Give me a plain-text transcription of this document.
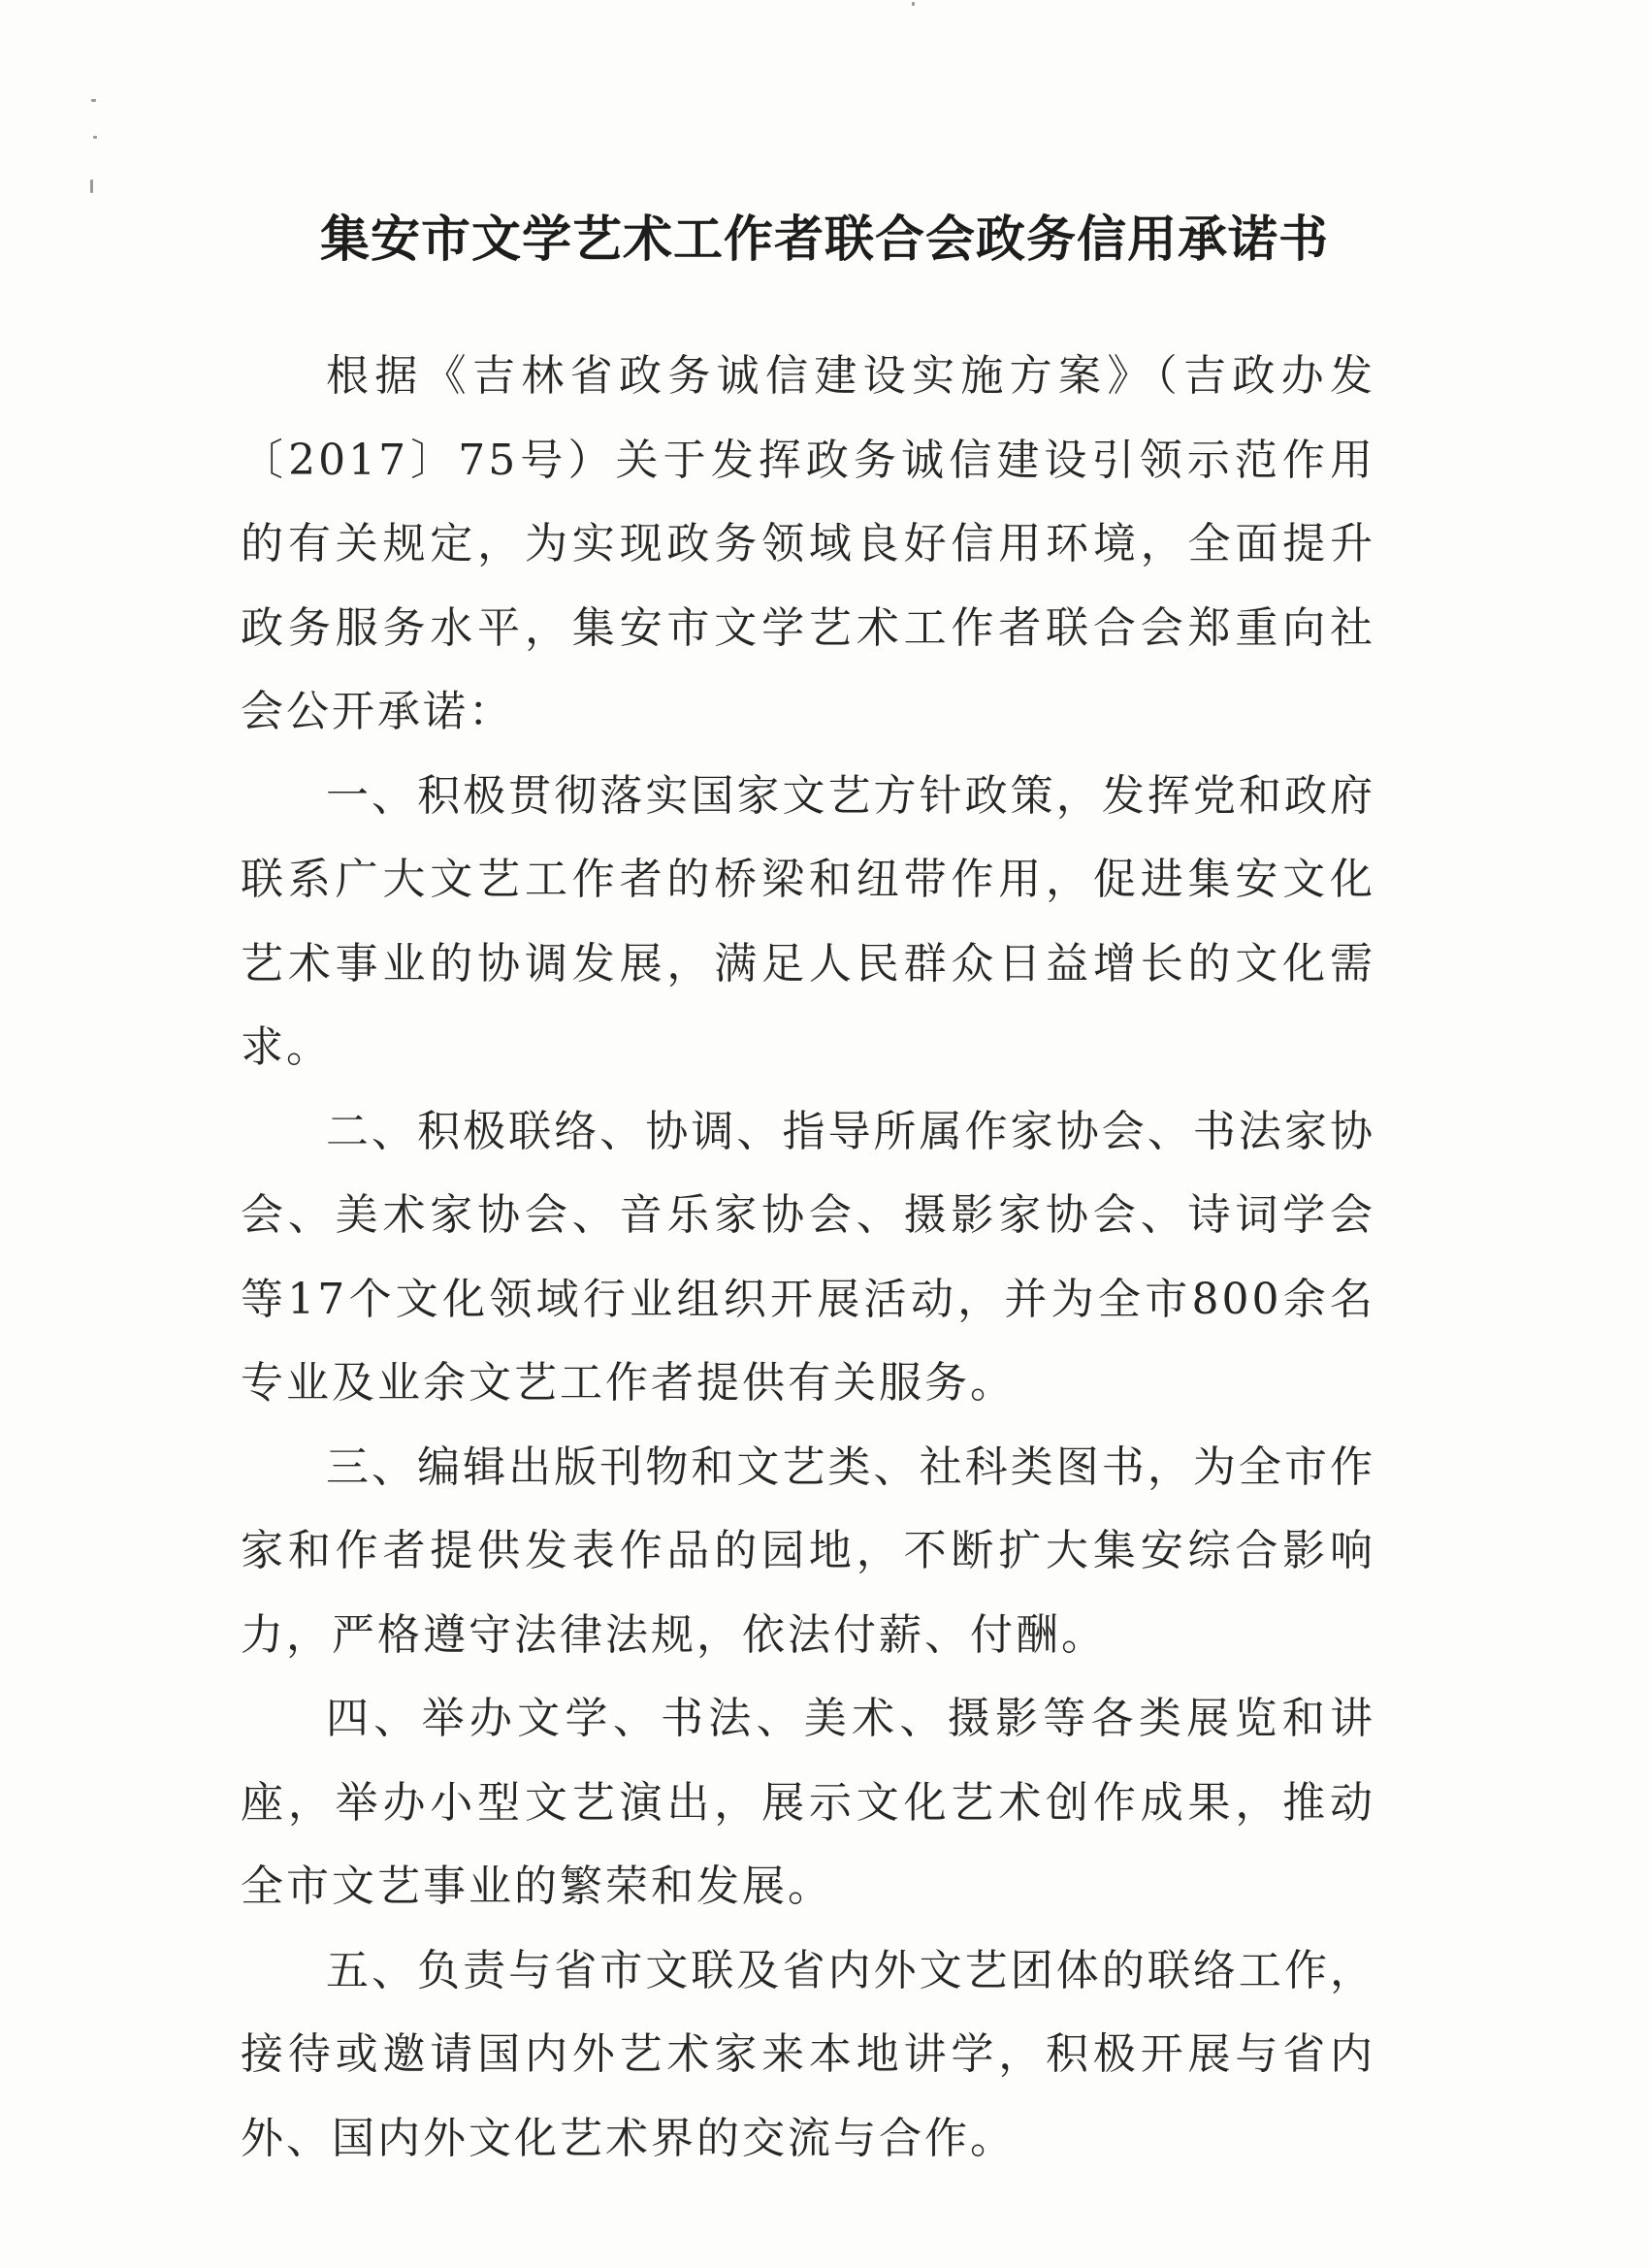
集安市文学艺术工作者联合会政务信用承诺书

根据《吉林省政务诚信建设实施方案》（吉政办发〔2017〕75号）关于发挥政务诚信建设引领示范作用的有关规定，为实现政务领域良好信用环境，全面提升政务服务水平，集安市文学艺术工作者联合会郑重向社会公开承诺：

一、积极贯彻落实国家文艺方针政策，发挥党和政府联系广大文艺工作者的桥梁和纽带作用，促进集安文化艺术事业的协调发展，满足人民群众日益增长的文化需求。

二、积极联络、协调、指导所属作家协会、书法家协会、美术家协会、音乐家协会、摄影家协会、诗词学会等17个文化领域行业组织开展活动，并为全市800余名专业及业余文艺工作者提供有关服务。

三、编辑出版刊物和文艺类、社科类图书，为全市作家和作者提供发表作品的园地，不断扩大集安综合影响力，严格遵守法律法规，依法付薪、付酬。

四、举办文学、书法、美术、摄影等各类展览和讲座，举办小型文艺演出，展示文化艺术创作成果，推动全市文艺事业的繁荣和发展。

五、负责与省市文联及省内外文艺团体的联络工作，接待或邀请国内外艺术家来本地讲学，积极开展与省内外、国内外文化艺术界的交流与合作。
